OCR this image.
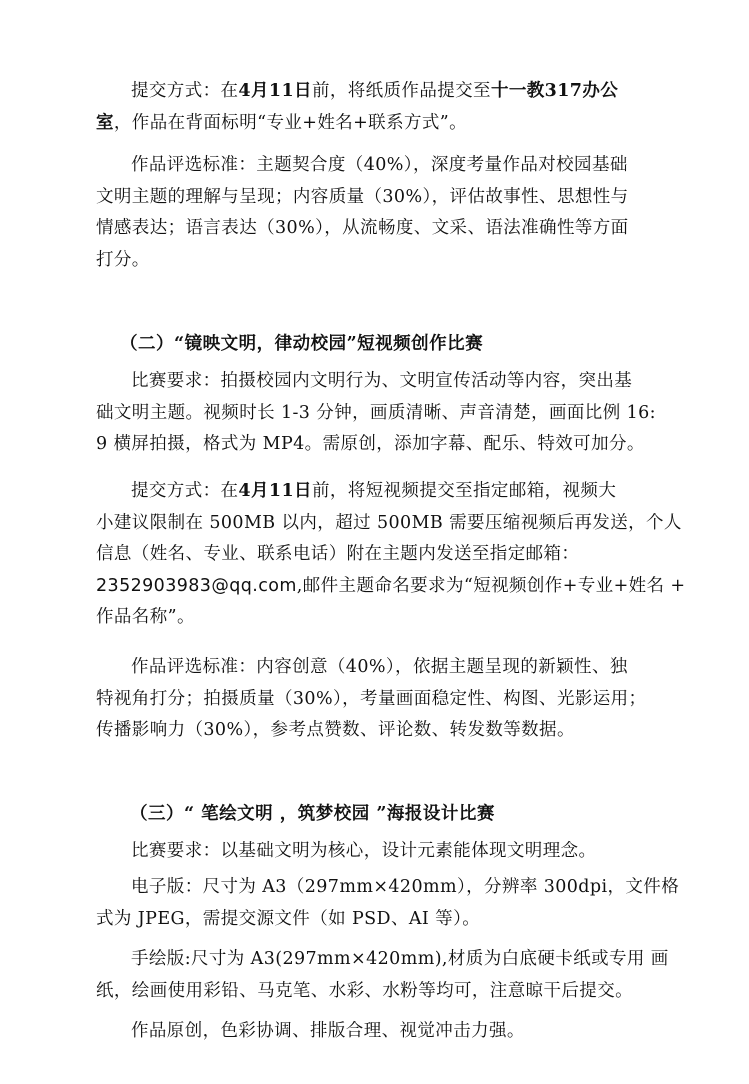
提交方式：在4月11日前，将纸质作品提交至十一教317办公
室，作品在背面标明“专业+姓名+联系方式”。
作品评选标准：主题契合度（40%），深度考量作品对校园基础
文明主题的理解与呈现；内容质量（30%），评估故事性、思想性与
情感表达；语言表达（30%），从流畅度、文采、语法准确性等方面
打分。
（二）“镜映文明，律动校园”短视频创作比赛
比赛要求：拍摄校园内文明行为、文明宣传活动等内容，突出基
础文明主题。视频时长 1-3 分钟，画质清晰、声音清楚，画面比例 16:
9 横屏拍摄，格式为 MP4。需原创，添加字幕、配乐、特效可加分。
提交方式：在4月11日前，将短视频提交至指定邮箱，视频大
小建议限制在 500MB 以内，超过 500MB 需要压缩视频后再发送，个人
信息（姓名、专业、联系电话）附在主题内发送至指定邮箱：
2352903983@qq.com,邮件主题命名要求为“短视频创作+专业+姓名 +
作品名称”。
作品评选标准：内容创意（40%），依据主题呈现的新颖性、独
特视角打分；拍摄质量（30%），考量画面稳定性、构图、光影运用；
传播影响力（30%），参考点赞数、评论数、转发数等数据。
（三）“ 笔绘文明 ，筑梦校园 ”海报设计比赛
比赛要求：以基础文明为核心，设计元素能体现文明理念。
电子版：尺寸为 A3（297mm×420mm），分辨率 300dpi，文件格
式为 JPEG，需提交源文件（如 PSD、AI 等）。
手绘版:尺寸为 A3(297mm×420mm),材质为白底硬卡纸或专用 画
纸，绘画使用彩铅、马克笔、水彩、水粉等均可，注意晾干后提交。
作品原创，色彩协调、排版合理、视觉冲击力强。
